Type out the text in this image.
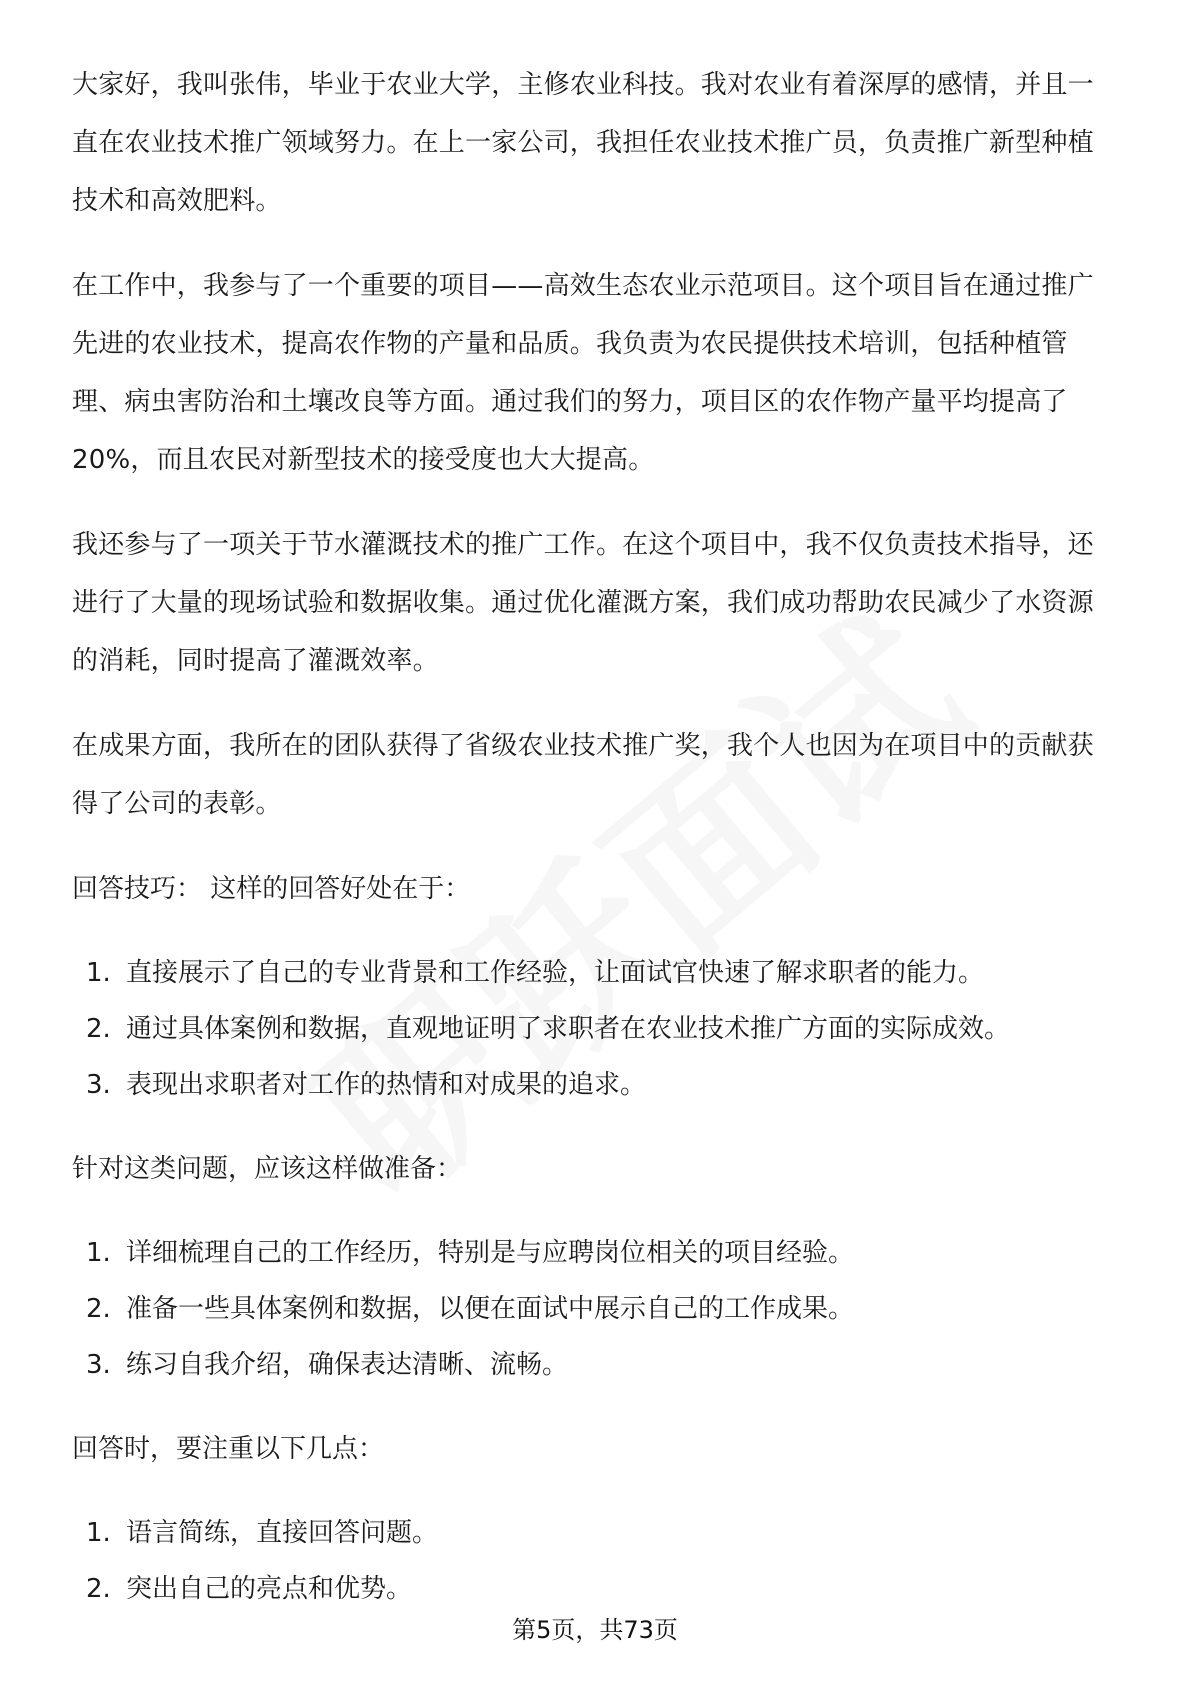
大家好，我叫张伟，毕业于农业大学，主修农业科技。我对农业有着深厚的感情，并且一直在农业技术推广领域努力。在上一家公司，我担任农业技术推广员，负责推广新型种植技术和高效肥料。

在工作中，我参与了一个重要的项目——高效生态农业示范项目。这个项目旨在通过推广先进的农业技术，提高农作物的产量和品质。我负责为农民提供技术培训，包括种植管理、病虫害防治和土壤改良等方面。通过我们的努力，项目区的农作物产量平均提高了20%，而且农民对新型技术的接受度也大大提高。

我还参与了一项关于节水灌溉技术的推广工作。在这个项目中，我不仅负责技术指导，还进行了大量的现场试验和数据收集。通过优化灌溉方案，我们成功帮助农民减少了水资源的消耗，同时提高了灌溉效率。

在成果方面，我所在的团队获得了省级农业技术推广奖，我个人也因为在项目中的贡献获得了公司的表彰。

回答技巧： 这样的回答好处在于：

1. 直接展示了自己的专业背景和工作经验，让面试官快速了解求职者的能力。
2. 通过具体案例和数据，直观地证明了求职者在农业技术推广方面的实际成效。
3. 表现出求职者对工作的热情和对成果的追求。

针对这类问题，应该这样做准备：

1. 详细梳理自己的工作经历，特别是与应聘岗位相关的项目经验。
2. 准备一些具体案例和数据，以便在面试中展示自己的工作成果。
3. 练习自我介绍，确保表达清晰、流畅。

回答时，要注重以下几点：

1. 语言简练，直接回答问题。
2. 突出自己的亮点和优势。
第5页，共73页
